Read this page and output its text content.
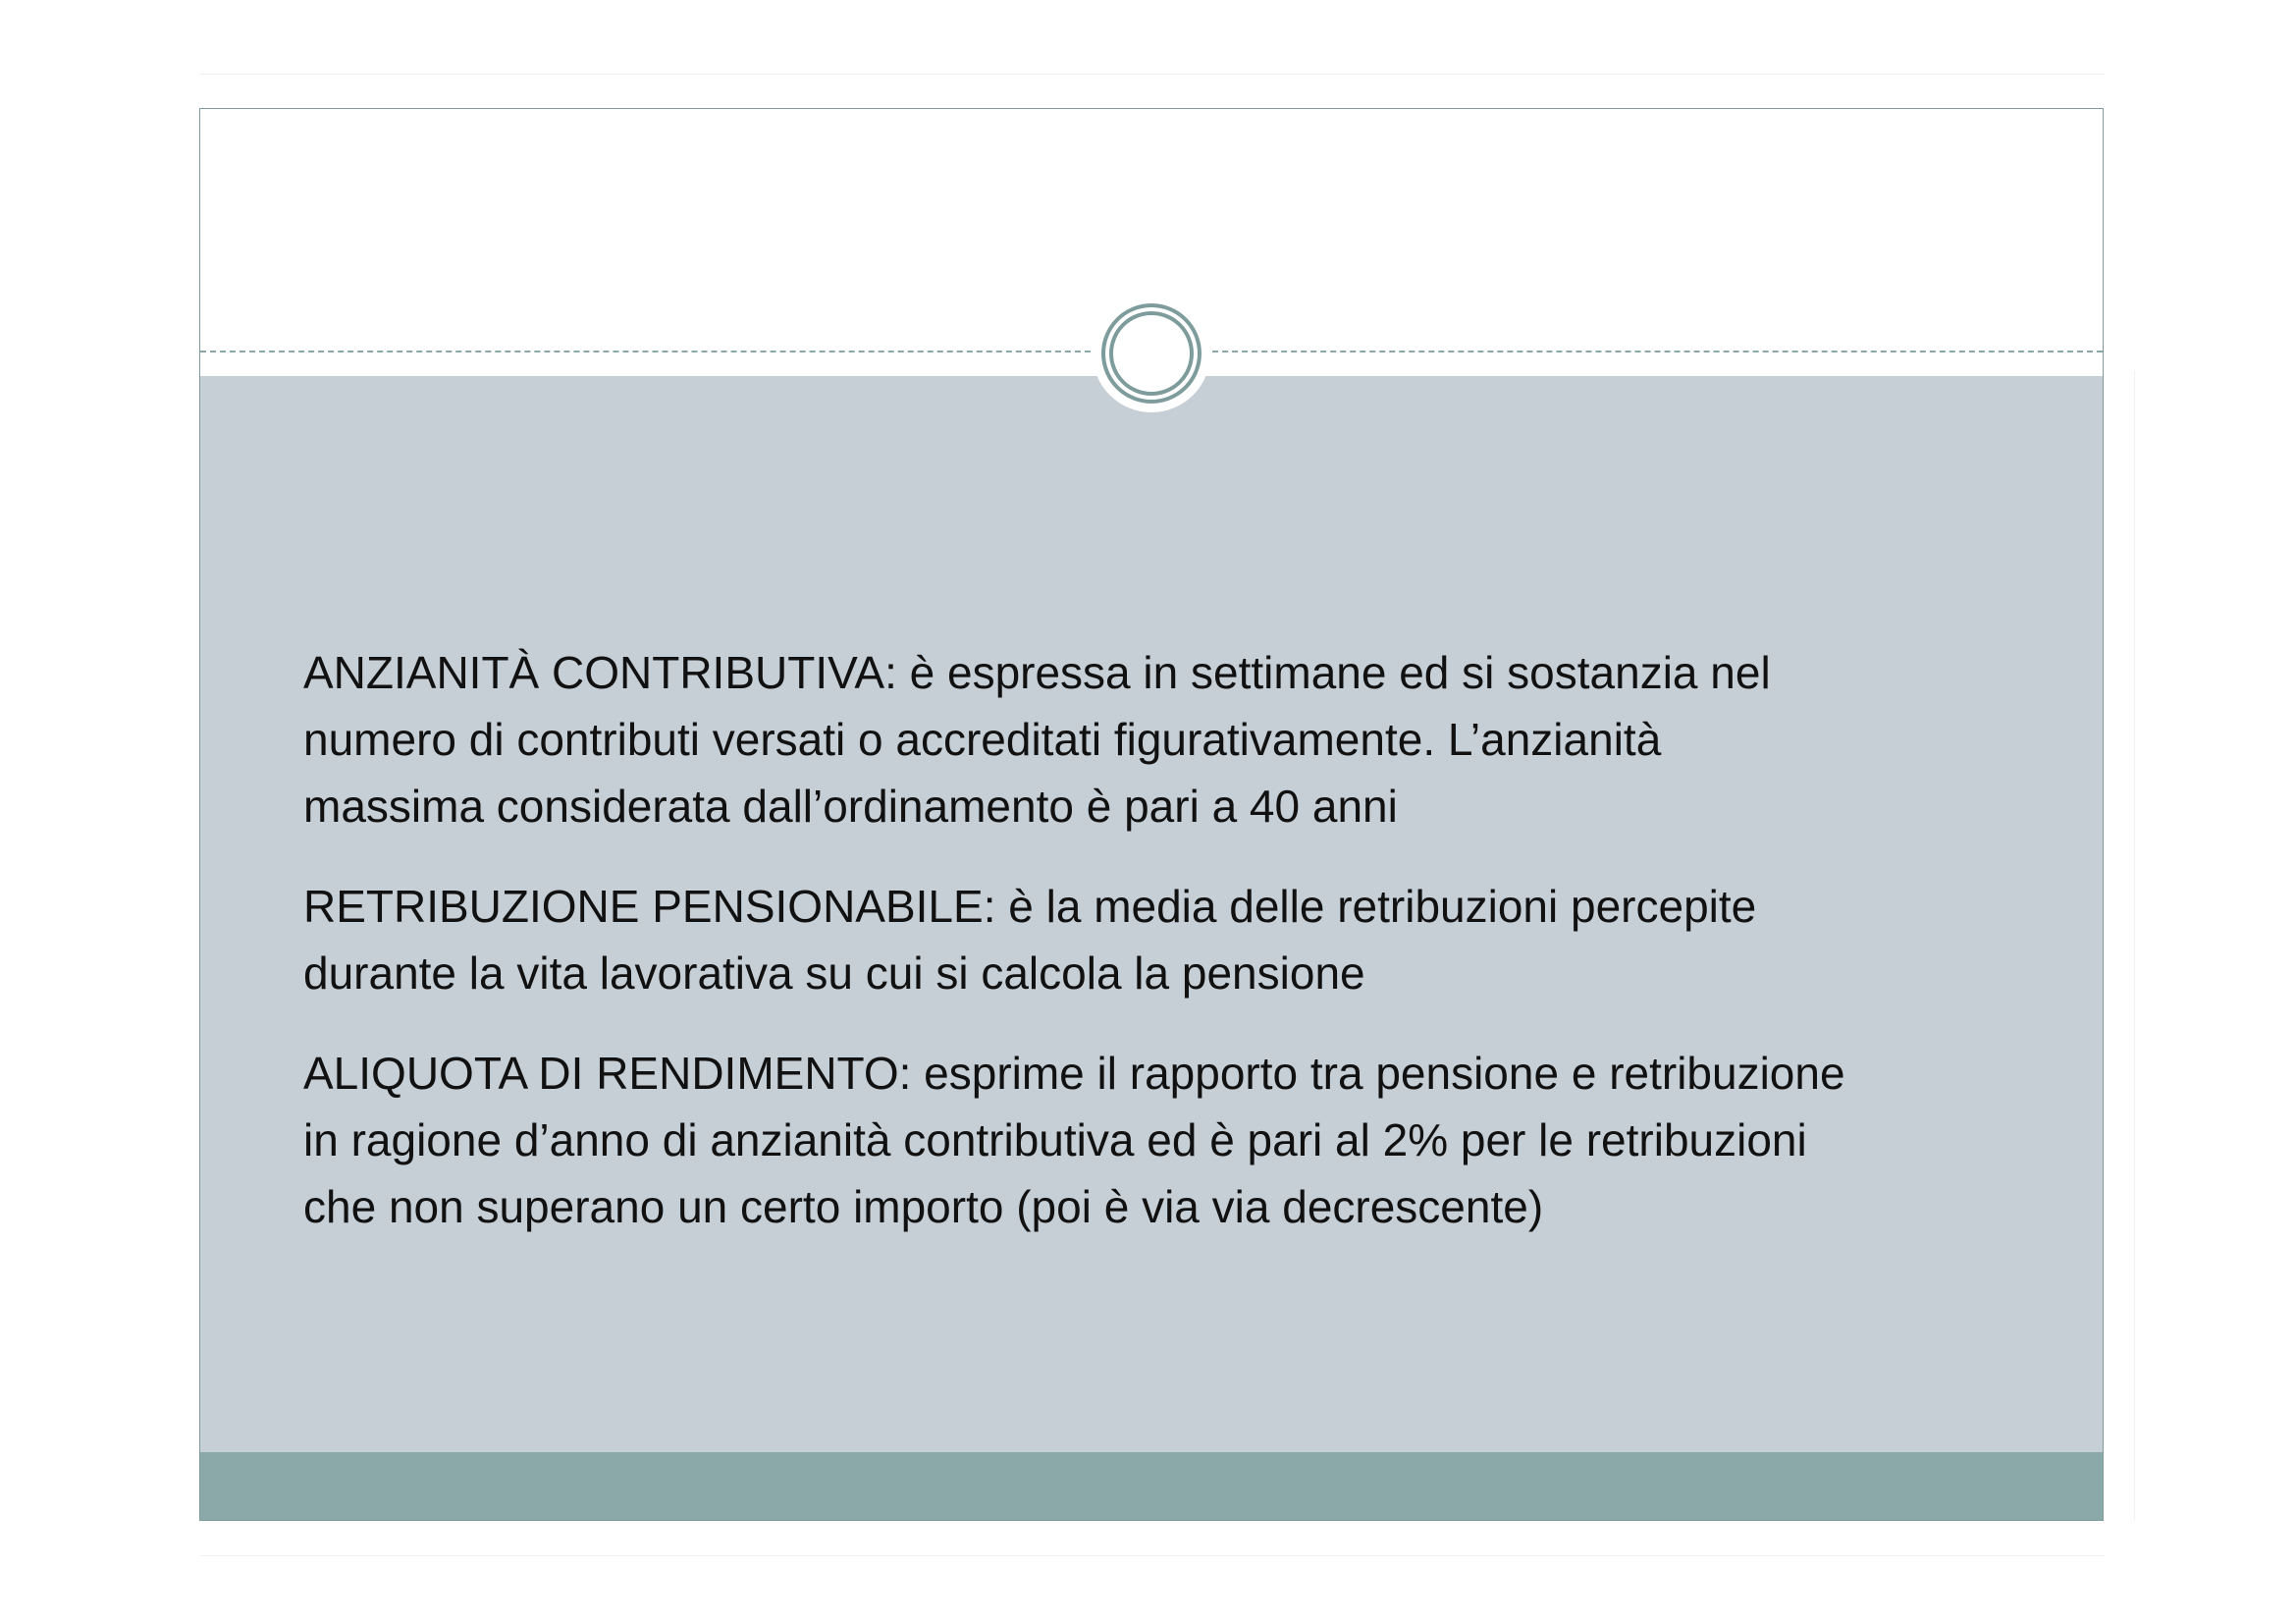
ANZIANITÀ CONTRIBUTIVA: è espressa in settimane ed si sostanzia nel
numero di contributi versati o accreditati figurativamente. L’anzianità
massima considerata dall’ordinamento è pari a 40 anni
RETRIBUZIONE PENSIONABILE: è la media delle retribuzioni percepite
durante la vita lavorativa su cui si calcola la pensione
ALIQUOTA DI RENDIMENTO: esprime il rapporto tra pensione e retribuzione
in ragione d’anno di anzianità contributiva ed è pari al 2% per le retribuzioni
che non superano un certo importo (poi è via via decrescente)
